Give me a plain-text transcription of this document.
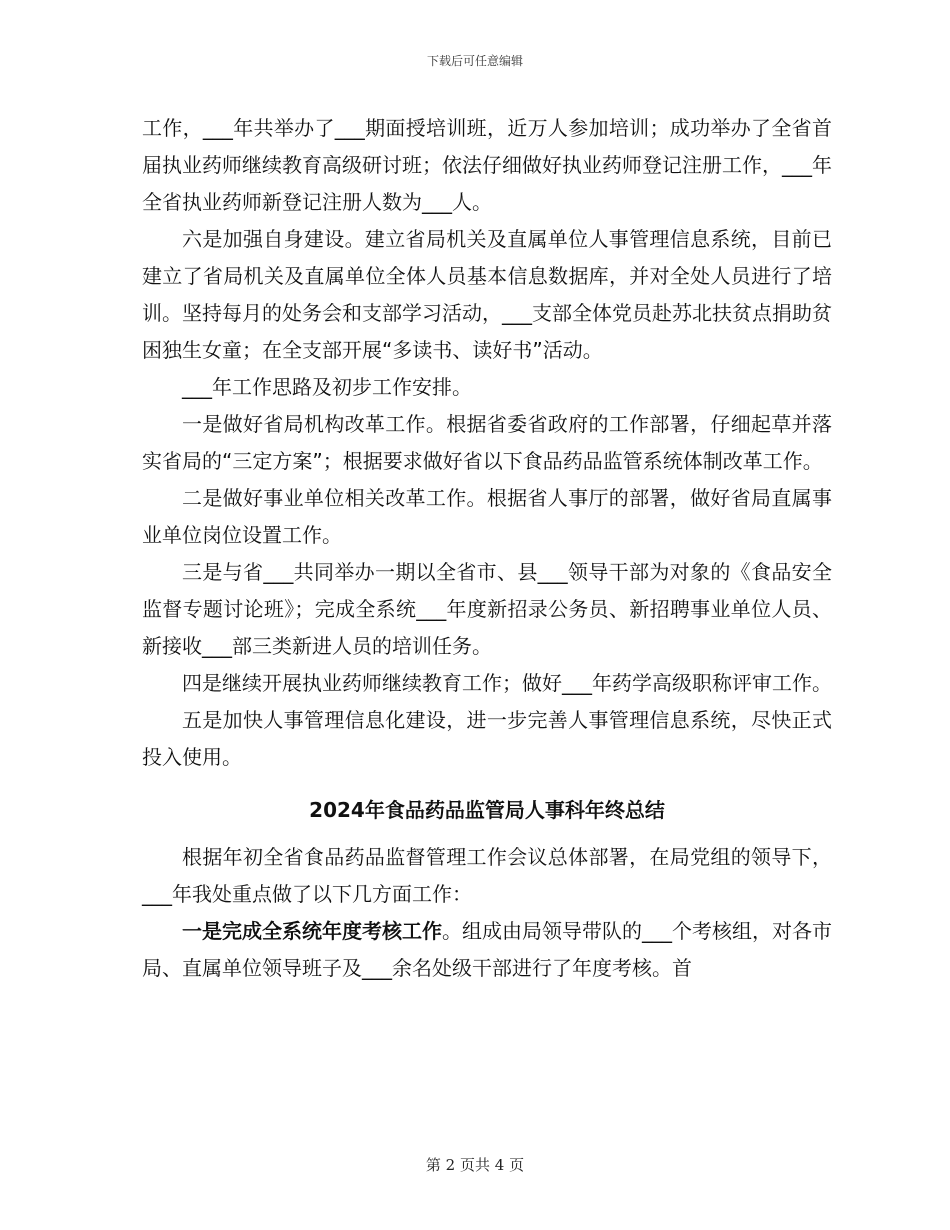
下载后可任意编辑

工作，___年共举办了___期面授培训班，近万人参加培训；成功举办了全省首届执业药师继续教育高级研讨班；依法仔细做好执业药师登记注册工作，___年全省执业药师新登记注册人数为___人。

六是加强自身建设。建立省局机关及直属单位人事管理信息系统，目前已建立了省局机关及直属单位全体人员基本信息数据库，并对全处人员进行了培训。坚持每月的处务会和支部学习活动，___支部全体党员赴苏北扶贫点捐助贫困独生女童；在全支部开展“多读书、读好书”活动。

___年工作思路及初步工作安排。

一是做好省局机构改革工作。根据省委省政府的工作部署，仔细起草并落实省局的“三定方案”；根据要求做好省以下食品药品监管系统体制改革工作。

二是做好事业单位相关改革工作。根据省人事厅的部署，做好省局直属事业单位岗位设置工作。

三是与省___共同举办一期以全省市、县___领导干部为对象的《食品安全监督专题讨论班》；完成全系统___年度新招录公务员、新招聘事业单位人员、新接收___部三类新进人员的培训任务。

四是继续开展执业药师继续教育工作；做好___年药学高级职称评审工作。

五是加快人事管理信息化建设，进一步完善人事管理信息系统，尽快正式投入使用。

2024年食品药品监管局人事科年终总结

根据年初全省食品药品监督管理工作会议总体部署，在局党组的领导下，___年我处重点做了以下几方面工作：

一是完成全系统年度考核工作。组成由局领导带队的___个考核组，对各市局、直属单位领导班子及___余名处级干部进行了年度考核。首

第 2 页共 4 页
